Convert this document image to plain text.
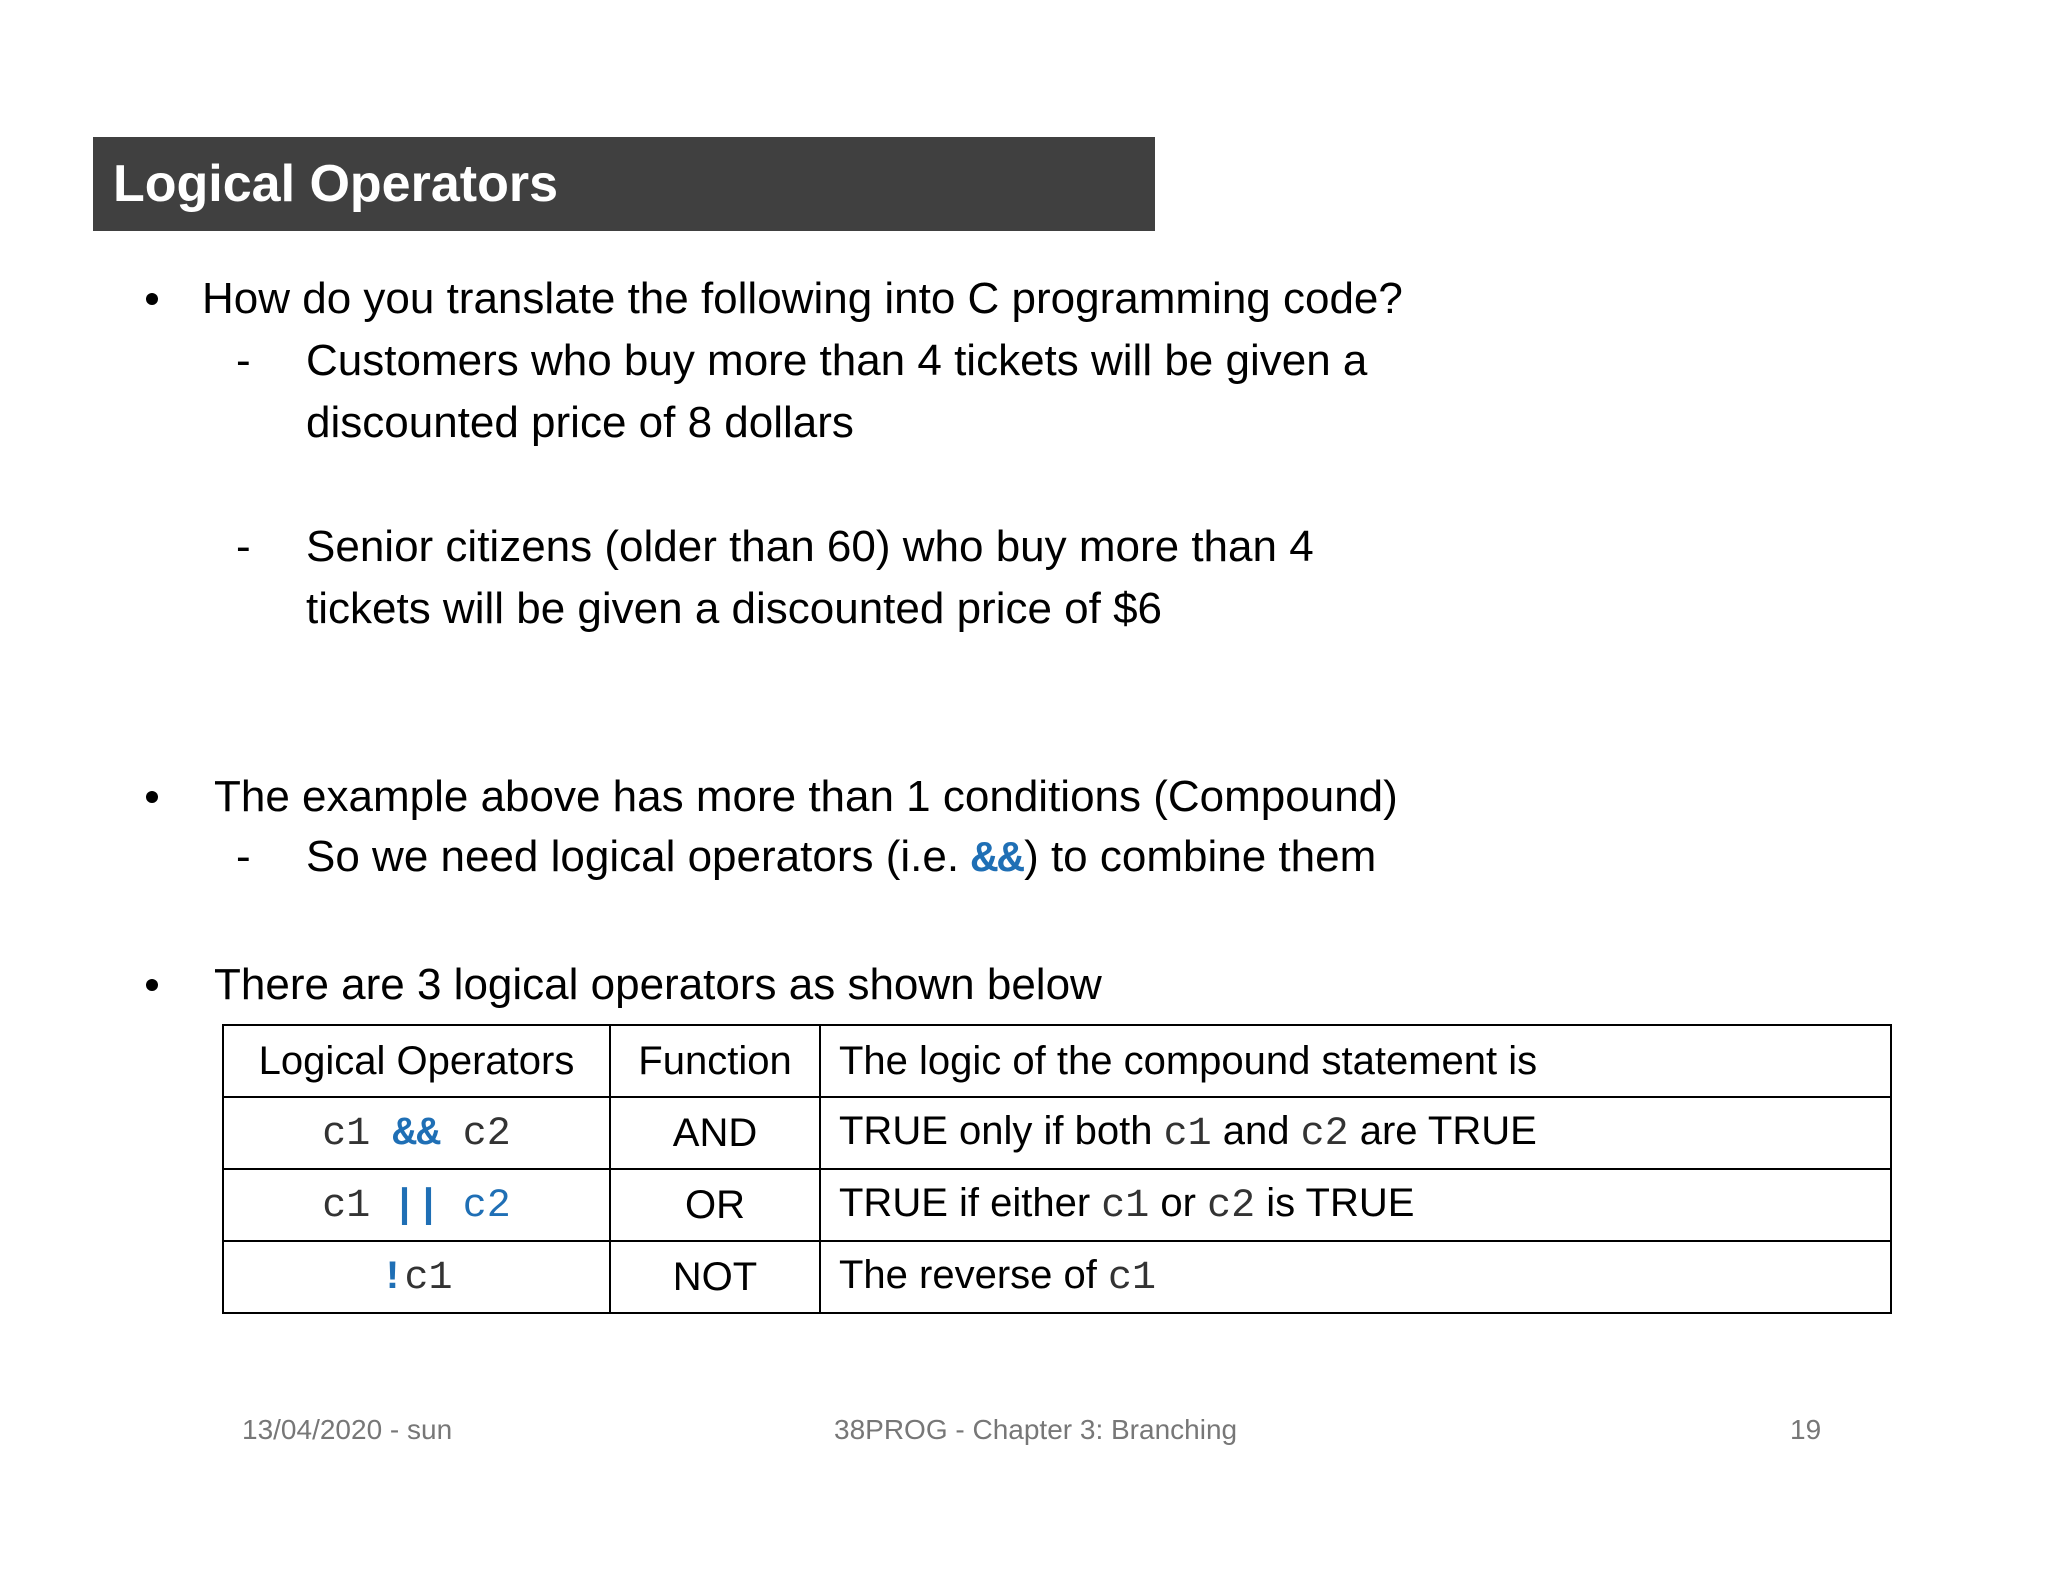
Logical Operators
How do you translate the following into C programming code?
- Customers who buy more than 4 tickets will be given a
discounted price of 8 dollars
- Senior citizens (older than 60) who buy more than 4
tickets will be given a discounted price of $6
The example above has more than 1 conditions (Compound)
- So we need logical operators (i.e. &&) to combine them
There are 3 logical operators as shown below
Logical Operators	Function	The logic of the compound statement is
c1 && c2	AND	TRUE only if both c1 and c2 are TRUE
c1 || c2	OR	TRUE if either c1 or c2 is TRUE
!c1	NOT	The reverse of c1
13/04/2020 - sun	38PROG - Chapter 3: Branching	19
